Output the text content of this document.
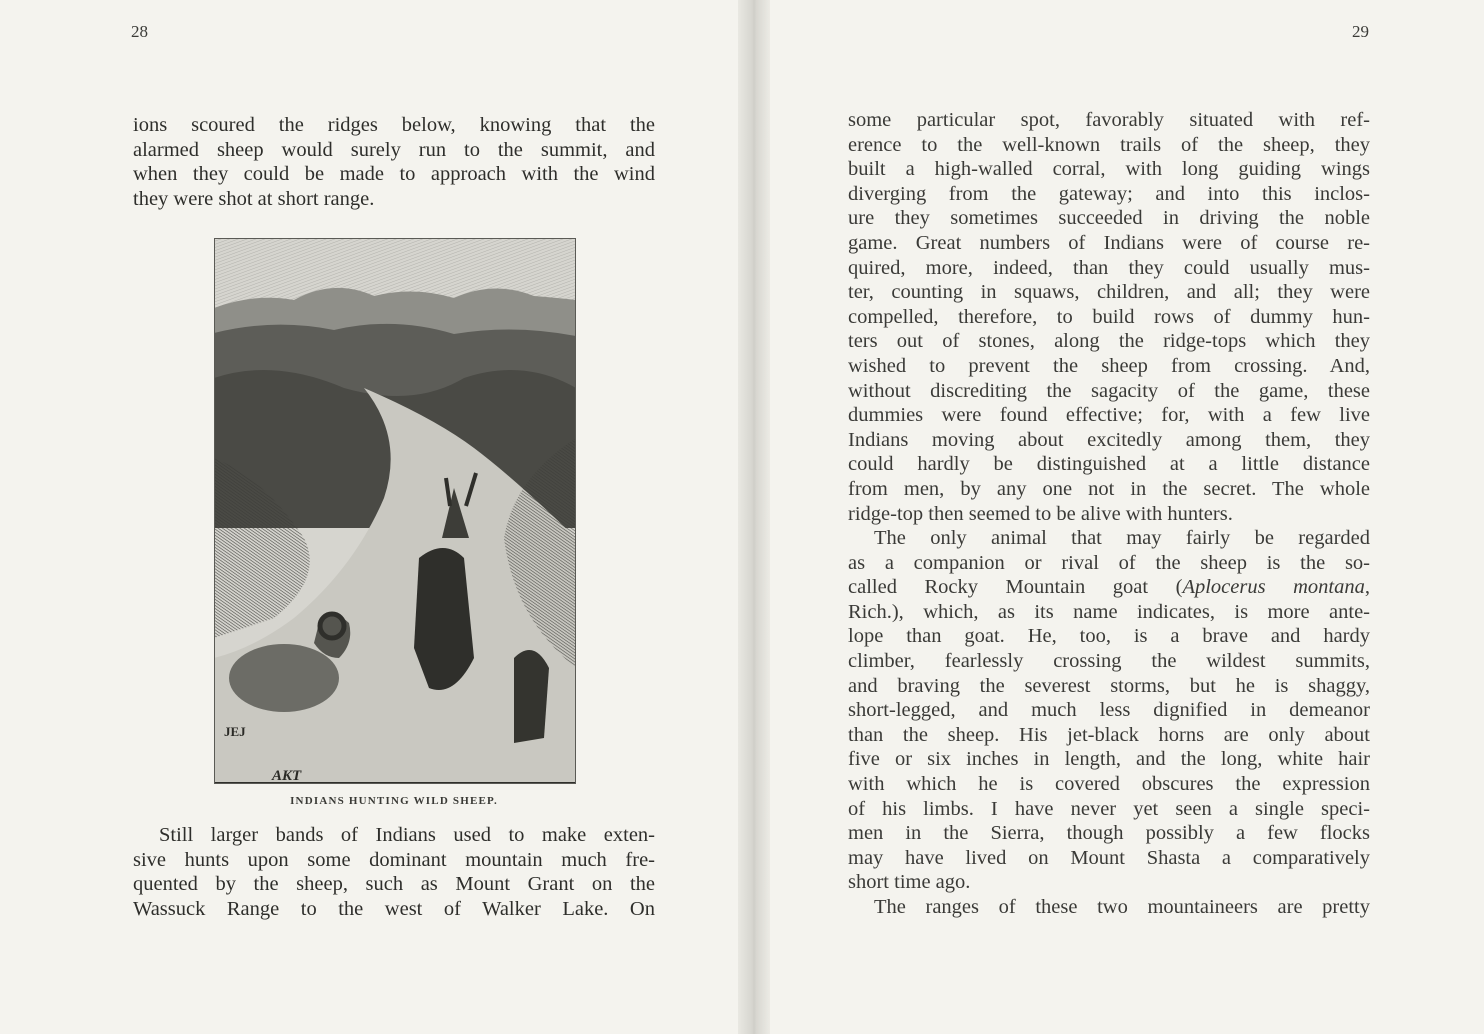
28
ions scoured the ridges below, knowing that the
alarmed sheep would surely run to the summit, and
when they could be made to approach with the wind
they were shot at short range.
JEJ
AKT
INDIANS HUNTING WILD SHEEP.
Still larger bands of Indians used to make exten-
sive hunts upon some dominant mountain much fre-
quented by the sheep, such as Mount Grant on the
Wassuck Range to the west of Walker Lake. On
29
some particular spot, favorably situated with ref-
erence to the well-known trails of the sheep, they
built a high-walled corral, with long guiding wings
diverging from the gateway; and into this inclos-
ure they sometimes succeeded in driving the noble
game. Great numbers of Indians were of course re-
quired, more, indeed, than they could usually mus-
ter, counting in squaws, children, and all; they were
compelled, therefore, to build rows of dummy hun-
ters out of stones, along the ridge-tops which they
wished to prevent the sheep from crossing. And,
without discrediting the sagacity of the game, these
dummies were found effective; for, with a few live
Indians moving about excitedly among them, they
could hardly be distinguished at a little distance
from men, by any one not in the secret. The whole
ridge-top then seemed to be alive with hunters.
The only animal that may fairly be regarded
as a companion or rival of the sheep is the so-
called Rocky Mountain goat (Aplocerus montana,
Rich.), which, as its name indicates, is more ante-
lope than goat. He, too, is a brave and hardy
climber, fearlessly crossing the wildest summits,
and braving the severest storms, but he is shaggy,
short-legged, and much less dignified in demeanor
than the sheep. His jet-black horns are only about
five or six inches in length, and the long, white hair
with which he is covered obscures the expression
of his limbs. I have never yet seen a single speci-
men in the Sierra, though possibly a few flocks
may have lived on Mount Shasta a comparatively
short time ago.
The ranges of these two mountaineers are pretty
